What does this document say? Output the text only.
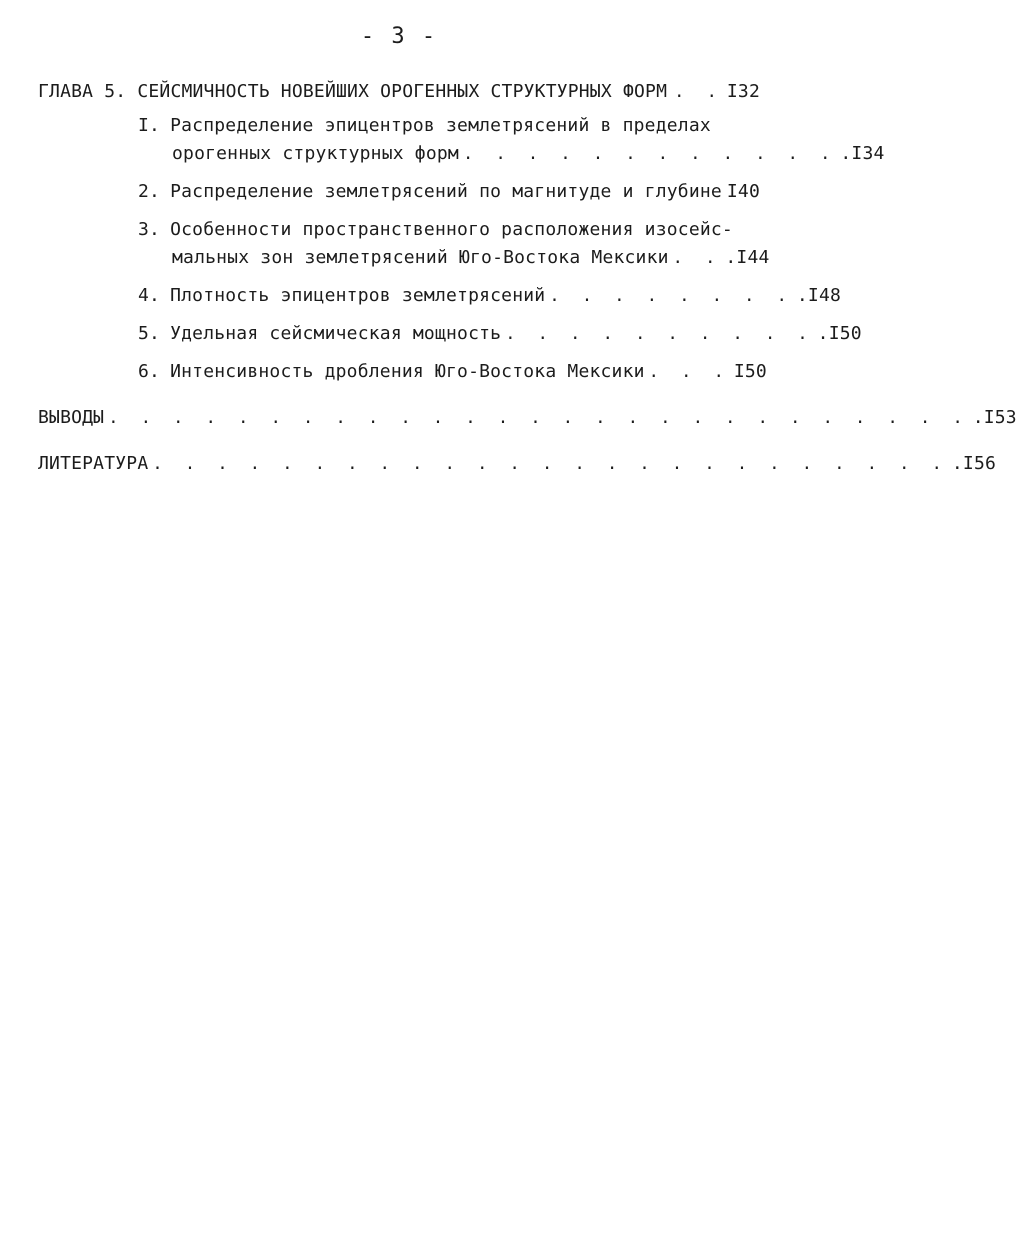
- 3 -
ГЛАВА 5. СЕЙСМИЧНОСТЬ НОВЕЙШИХ ОРОГЕННЫХ СТРУКТУРНЫХ ФОРМ . . I32
I. Распределение эпицентров землетрясений в пределах
орогенных структурных форм . . . . . . . . . . . . .I34
2. Распределение землетрясений по магнитуде и глубине I40
3. Особенности пространственного расположения изосейс-
мальных зон землетрясений Юго-Востока Мексики . . .I44
4. Плотность эпицентров землетрясений . . . . . . . . .I48
5. Удельная сейсмическая мощность . . . . . . . . . . .I50
6. Интенсивность дробления Юго-Востока Мексики . . . I50
ВЫВОДЫ . . . . . . . . . . . . . . . . . . . . . . . . . . . .I53
ЛИТЕРАТУРА . . . . . . . . . . . . . . . . . . . . . . . . . .I56
